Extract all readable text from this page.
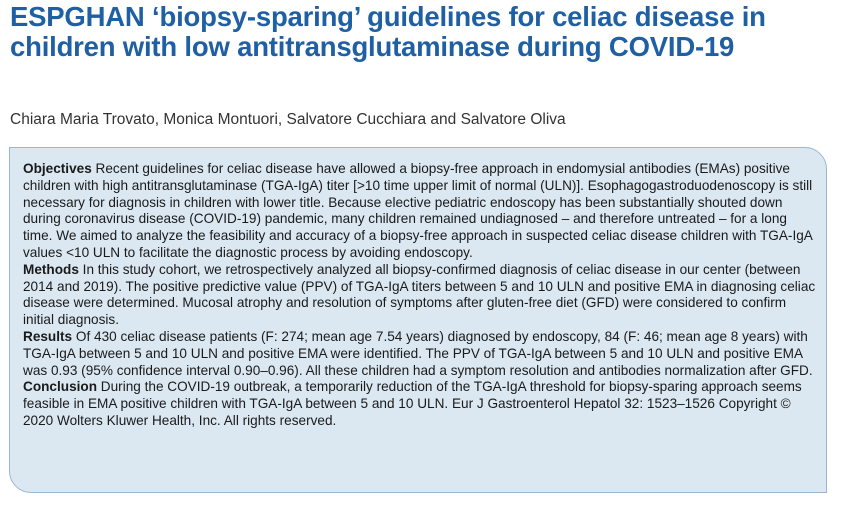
ESPGHAN ‘biopsy-sparing’ guidelines for celiac disease in children with low antitransglutaminase during COVID-19
Chiara Maria Trovato, Monica Montuori, Salvatore Cucchiara and Salvatore Oliva

Objectives Recent guidelines for celiac disease have allowed a biopsy-free approach in endomysial antibodies (EMAs) positive children with high antitransglutaminase (TGA-IgA) titer [>10 time upper limit of normal (ULN)]. Esophagogastroduodenoscopy is still necessary for diagnosis in children with lower title. Because elective pediatric endoscopy has been substantially shouted down during coronavirus disease (COVID-19) pandemic, many children remained undiagnosed – and therefore untreated – for a long time. We aimed to analyze the feasibility and accuracy of a biopsy-free approach in suspected celiac disease children with TGA-IgA values <10 ULN to facilitate the diagnostic process by avoiding endoscopy.

Methods In this study cohort, we retrospectively analyzed all biopsy-confirmed diagnosis of celiac disease in our center (between 2014 and 2019). The positive predictive value (PPV) of TGA-IgA titers between 5 and 10 ULN and positive EMA in diagnosing celiac disease were determined. Mucosal atrophy and resolution of symptoms after gluten-free diet (GFD) were considered to confirm initial diagnosis.

Results Of 430 celiac disease patients (F: 274; mean age 7.54 years) diagnosed by endoscopy, 84 (F: 46; mean age 8 years) with TGA-IgA between 5 and 10 ULN and positive EMA were identified. The PPV of TGA-IgA between 5 and 10 ULN and positive EMA was 0.93 (95% confidence interval 0.90–0.96). All these children had a symptom resolution and antibodies normalization after GFD.

Conclusion During the COVID-19 outbreak, a temporarily reduction of the TGA-IgA threshold for biopsy-sparing approach seems feasible in EMA positive children with TGA-IgA between 5 and 10 ULN. Eur J Gastroenterol Hepatol 32: 1523–1526 Copyright © 2020 Wolters Kluwer Health, Inc. All rights reserved.
